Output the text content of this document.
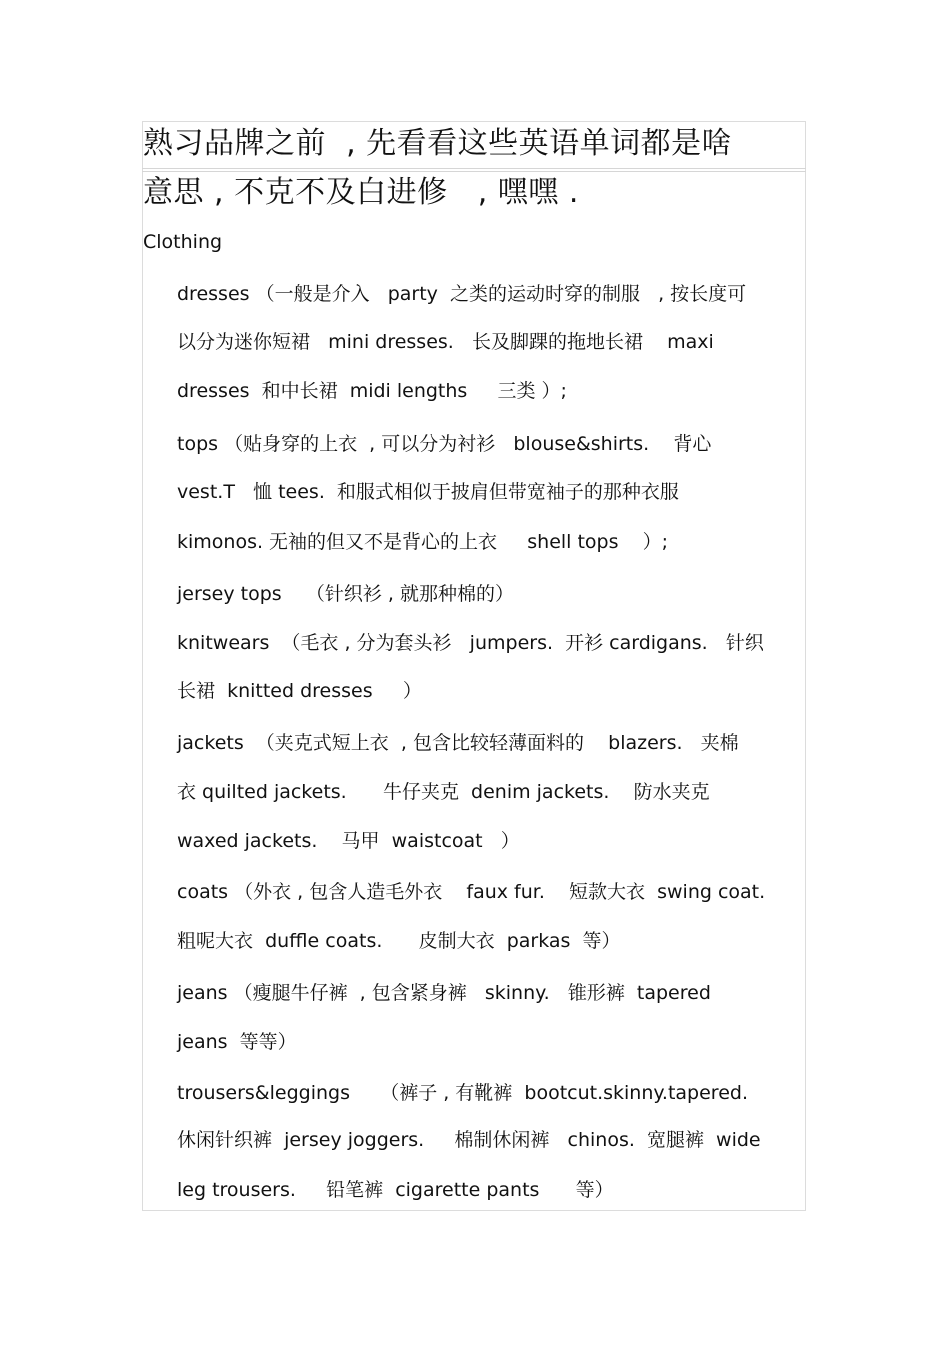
熟习品牌之前  , 先看看这些英语单词都是啥
意思 , 不克不及白进修   , 嘿嘿 .
Clothing
dresses （一般是介入   party  之类的运动时穿的制服   , 按长度可
以分为迷你短裙   mini dresses.   长及脚踝的拖地长裙    maxi
dresses  和中长裙  midi lengths     三类 ）;
tops （贴身穿的上衣  , 可以分为衬衫   blouse&shirts.    背心
vest.T   恤 tees.  和服式相似于披肩但带宽袖子的那种衣服
kimonos. 无袖的但又不是背心的上衣     shell tops    ）;
jersey tops    （针织衫 , 就那种棉的）
knitwears  （毛衣 , 分为套头衫   jumpers.  开衫 cardigans.   针织
长裙  knitted dresses     ）
jackets  （夹克式短上衣  , 包含比较轻薄面料的    blazers.   夹棉
衣 quilted jackets.      牛仔夹克  denim jackets.    防水夹克
waxed jackets.    马甲  waistcoat   ）
coats （外衣 , 包含人造毛外衣    faux fur.    短款大衣  swing coat.
粗呢大衣  duffle coats.      皮制大衣  parkas  等）
jeans （瘦腿牛仔裤  , 包含紧身裤   skinny.   锥形裤  tapered
jeans  等等）
trousers&leggings     （裤子 , 有靴裤  bootcut.skinny.tapered.
休闲针织裤  jersey joggers.     棉制休闲裤   chinos.  宽腿裤  wide
leg trousers.     铅笔裤  cigarette pants      等）
